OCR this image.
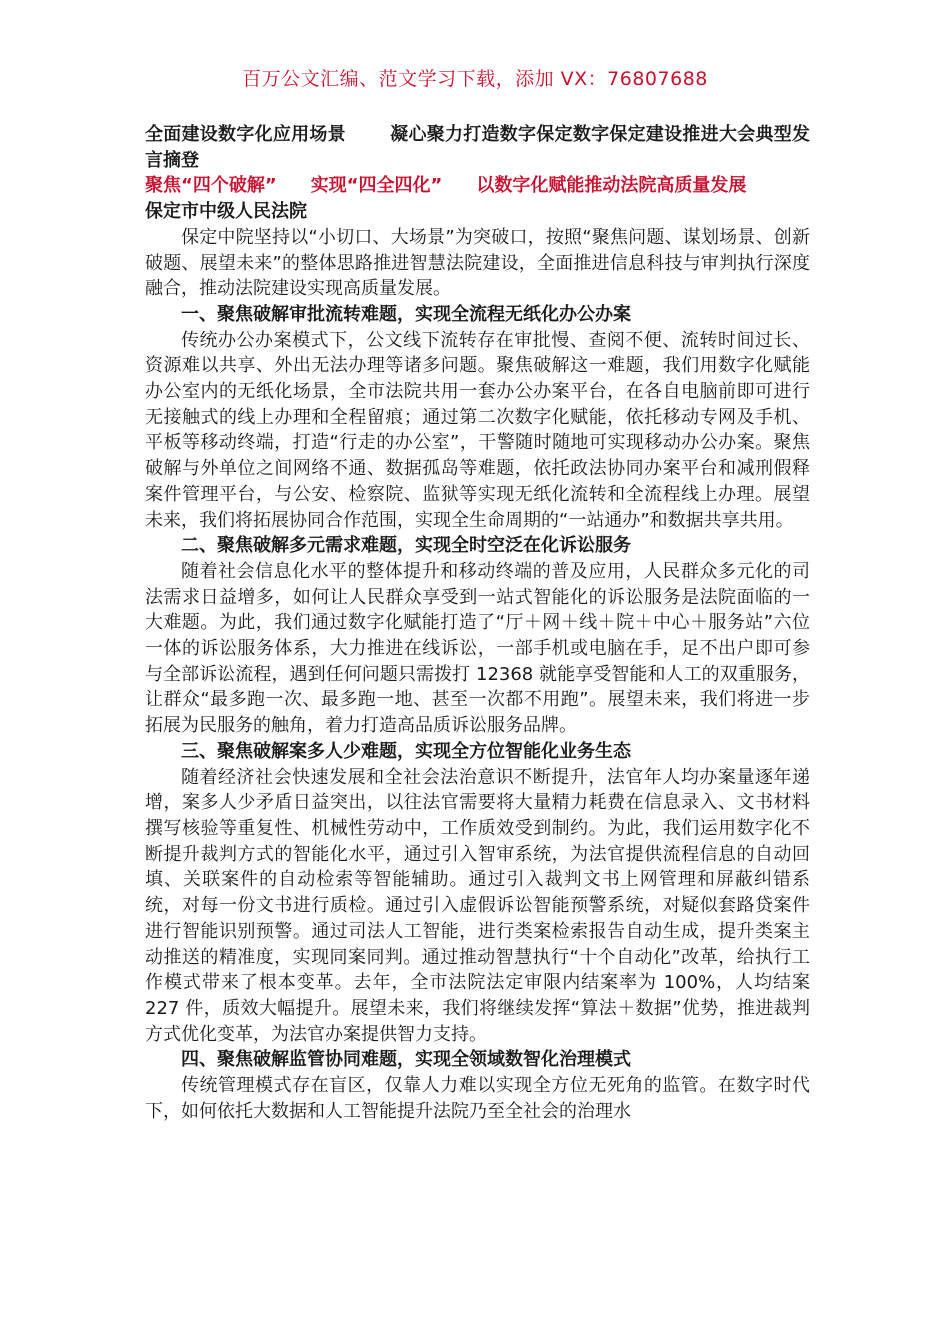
百万公文汇编、范文学习下载，添加 VX：76807688

全面建设数字化应用场景 凝心聚力打造数字保定数字保定建设推进大会典型发言摘登

聚焦“四个破解” 实现“四全四化” 以数字化赋能推动法院高质量发展

保定市中级人民法院

保定中院坚持以“小切口、大场景”为突破口，按照“聚焦问题、谋划场景、创新破题、展望未来”的整体思路推进智慧法院建设，全面推进信息科技与审判执行深度融合，推动法院建设实现高质量发展。

一、聚焦破解审批流转难题，实现全流程无纸化办公办案

传统办公办案模式下，公文线下流转存在审批慢、查阅不便、流转时间过长、资源难以共享、外出无法办理等诸多问题。聚焦破解这一难题，我们用数字化赋能办公室内的无纸化场景，全市法院共用一套办公办案平台，在各自电脑前即可进行无接触式的线上办理和全程留痕；通过第二次数字化赋能，依托移动专网及手机、平板等移动终端，打造“行走的办公室”，干警随时随地可实现移动办公办案。聚焦破解与外单位之间网络不通、数据孤岛等难题，依托政法协同办案平台和减刑假释案件管理平台，与公安、检察院、监狱等实现无纸化流转和全流程线上办理。展望未来，我们将拓展协同合作范围，实现全生命周期的“一站通办”和数据共享共用。

二、聚焦破解多元需求难题，实现全时空泛在化诉讼服务

随着社会信息化水平的整体提升和移动终端的普及应用，人民群众多元化的司法需求日益增多，如何让人民群众享受到一站式智能化的诉讼服务是法院面临的一大难题。为此，我们通过数字化赋能打造了“厅＋网＋线＋院＋中心＋服务站”六位一体的诉讼服务体系，大力推进在线诉讼，一部手机或电脑在手，足不出户即可参与全部诉讼流程，遇到任何问题只需拨打 12368 就能享受智能和人工的双重服务，让群众“最多跑一次、最多跑一地、甚至一次都不用跑”。展望未来，我们将进一步拓展为民服务的触角，着力打造高品质诉讼服务品牌。

三、聚焦破解案多人少难题，实现全方位智能化业务生态

随着经济社会快速发展和全社会法治意识不断提升，法官年人均办案量逐年递增，案多人少矛盾日益突出，以往法官需要将大量精力耗费在信息录入、文书材料撰写核验等重复性、机械性劳动中，工作质效受到制约。为此，我们运用数字化不断提升裁判方式的智能化水平，通过引入智审系统，为法官提供流程信息的自动回填、关联案件的自动检索等智能辅助。通过引入裁判文书上网管理和屏蔽纠错系统，对每一份文书进行质检。通过引入虚假诉讼智能预警系统，对疑似套路贷案件进行智能识别预警。通过司法人工智能，进行类案检索报告自动生成，提升类案主动推送的精准度，实现同案同判。通过推动智慧执行“十个自动化”改革，给执行工作模式带来了根本变革。去年，全市法院法定审限内结案率为 100%，人均结案 227 件，质效大幅提升。展望未来，我们将继续发挥“算法＋数据”优势，推进裁判方式优化变革，为法官办案提供智力支持。

四、聚焦破解监管协同难题，实现全领域数智化治理模式

传统管理模式存在盲区，仅靠人力难以实现全方位无死角的监管。在数字时代下，如何依托大数据和人工智能提升法院乃至全社会的治理水
